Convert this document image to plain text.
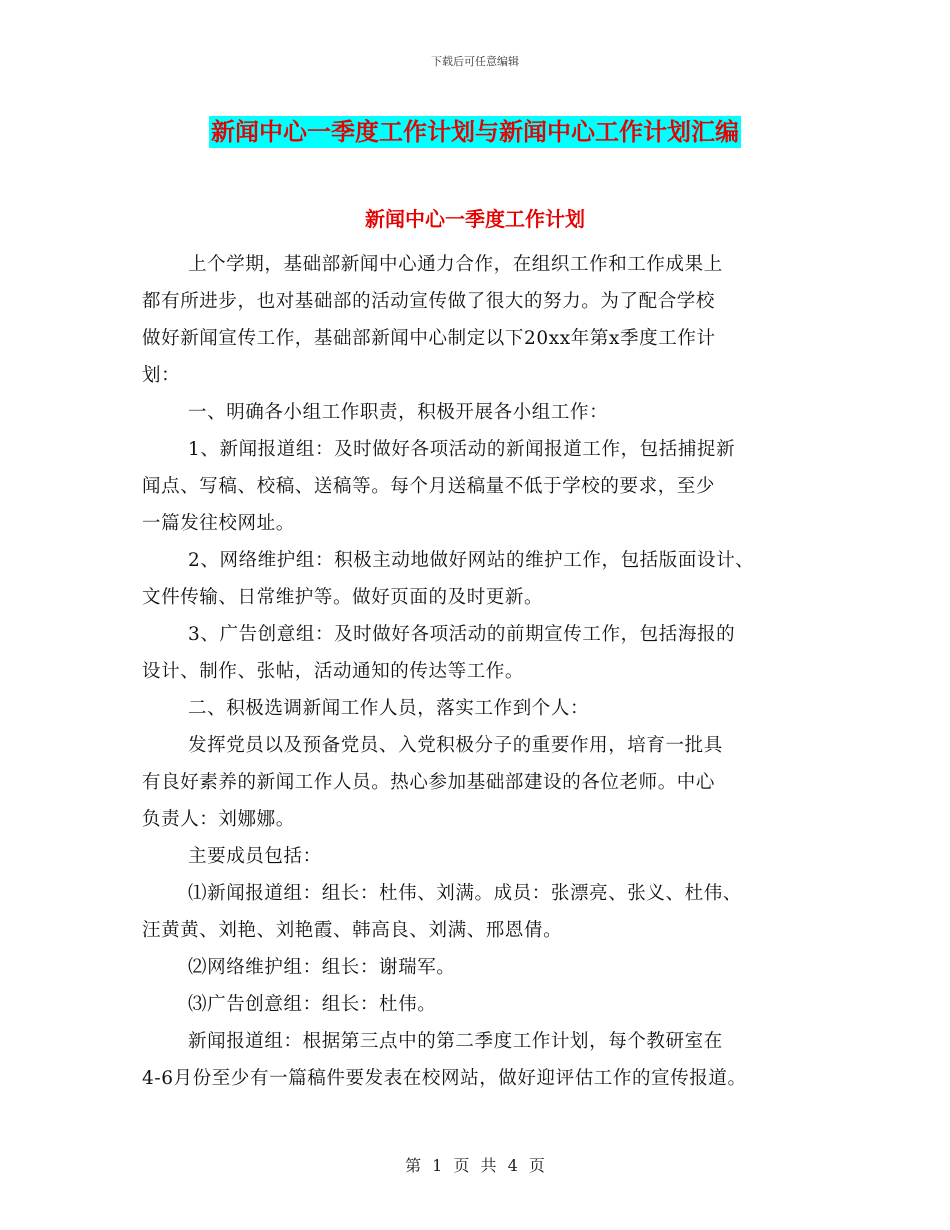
下载后可任意编辑
新闻中心一季度工作计划与新闻中心工作计划汇编
新闻中心一季度工作计划
上个学期，基础部新闻中心通力合作，在组织工作和工作成果上
都有所进步，也对基础部的活动宣传做了很大的努力。为了配合学校
做好新闻宣传工作，基础部新闻中心制定以下20xx年第x季度工作计
划：
一、明确各小组工作职责，积极开展各小组工作：
1、新闻报道组：及时做好各项活动的新闻报道工作，包括捕捉新
闻点、写稿、校稿、送稿等。每个月送稿量不低于学校的要求，至少
一篇发往校网址。
2、网络维护组：积极主动地做好网站的维护工作，包括版面设计、
文件传输、日常维护等。做好页面的及时更新。
3、广告创意组：及时做好各项活动的前期宣传工作，包括海报的
设计、制作、张帖，活动通知的传达等工作。
二、积极选调新闻工作人员，落实工作到个人：
发挥党员以及预备党员、入党积极分子的重要作用，培育一批具
有良好素养的新闻工作人员。热心参加基础部建设的各位老师。中心
负责人：刘娜娜。
主要成员包括：
⑴新闻报道组：组长：杜伟、刘满。成员：张漂亮、张义、杜伟、
汪黄黄、刘艳、刘艳霞、韩高良、刘满、邢恩倩。
⑵网络维护组：组长：谢瑞军。
⑶广告创意组：组长：杜伟。
新闻报道组：根据第三点中的第二季度工作计划，每个教研室在
4-6月份至少有一篇稿件要发表在校网站，做好迎评估工作的宣传报道。
第 1 页 共 4 页
